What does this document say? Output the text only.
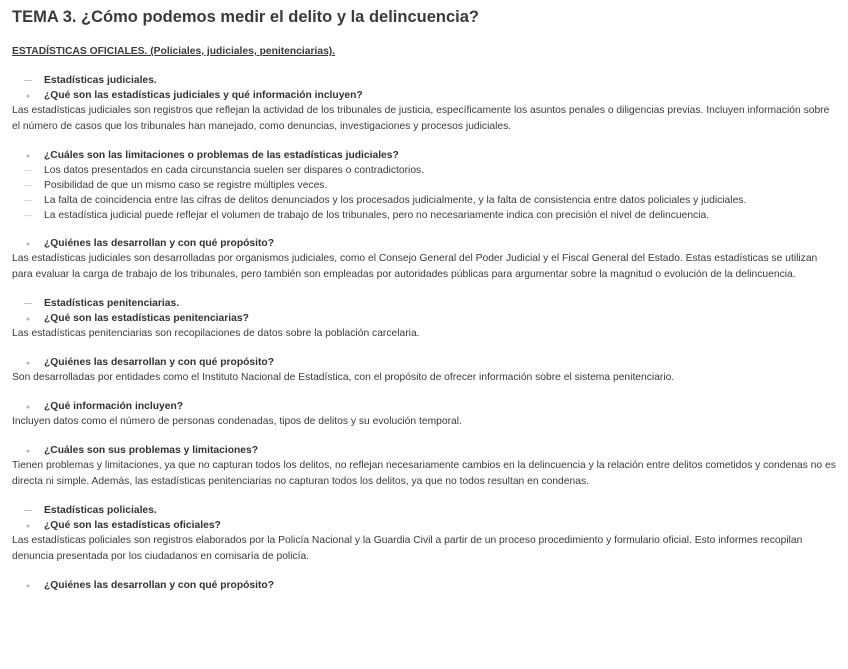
TEMA 3. ¿Cómo podemos medir el delito y la delincuencia?
ESTADÍSTICAS OFICIALES. (Policiales, judiciales, penitenciarias).
—
Estadísticas judiciales.
●
¿Qué son las estadísticas judiciales y qué información incluyen?

Las estadísticas judiciales son registros que reflejan la actividad de los tribunales de justicia, específicamente los asuntos penales o diligencias previas. Incluyen información sobre el número de casos que los tribunales han manejado, como denuncias, investigaciones y procesos judiciales.

●
¿Cuáles son las limitaciones o problemas de las estadísticas judiciales?
—
Los datos presentados en cada circunstancia suelen ser dispares o contradictorios.
—
Posibilidad de que un mismo caso se registre múltiples veces.
—
La falta de coincidencia entre las cifras de delitos denunciados y los procesados judicialmente, y la falta de consistencia entre datos policiales y judiciales.
—
La estadística judicial puede reflejar el volumen de trabajo de los tribunales, pero no necesariamente indica con precisión el nivel de delincuencia.
●
¿Quiénes las desarrollan y con qué propósito?

Las estadísticas judiciales son desarrolladas por organismos judiciales, como el Consejo General del Poder Judicial y el Fiscal General del Estado. Estas estadísticas se utilizan para evaluar la carga de trabajo de los tribunales, pero también son empleadas por autoridades públicas para argumentar sobre la magnitud o evolución de la delincuencia.

—
Estadísticas penitenciarias.
●
¿Qué son las estadísticas penitenciarias?

Las estadísticas penitenciarias son recopilaciones de datos sobre la población carcelaria.

●
¿Quiénes las desarrollan y con qué propósito?

Son desarrolladas por entidades como el Instituto Nacional de Estadística, con el propósito de ofrecer información sobre el sistema penitenciario.

●
¿Qué información incluyen?

Incluyen datos como el número de personas condenadas, tipos de delitos y su evolución temporal.

●
¿Cuáles son sus problemas y limitaciones?

Tienen problemas y limitaciones, ya que no capturan todos los delitos, no reflejan necesariamente cambios en la delincuencia y la relación entre delitos cometidos y condenas no es directa ni simple. Además, las estadísticas penitenciarias no capturan todos los delitos, ya que no todos resultan en condenas.

—
Estadísticas policiales.
●
¿Qué son las estadísticas oficiales?

Las estadísticas policiales son registros elaborados por la Policía Nacional y la Guardia Civil a partir de un proceso procedimiento y formulario oficial. Esto informes recopilan denuncia presentada por los ciudadanos en comisaría de policía.

●
¿Quiénes las desarrollan y con qué propósito?
